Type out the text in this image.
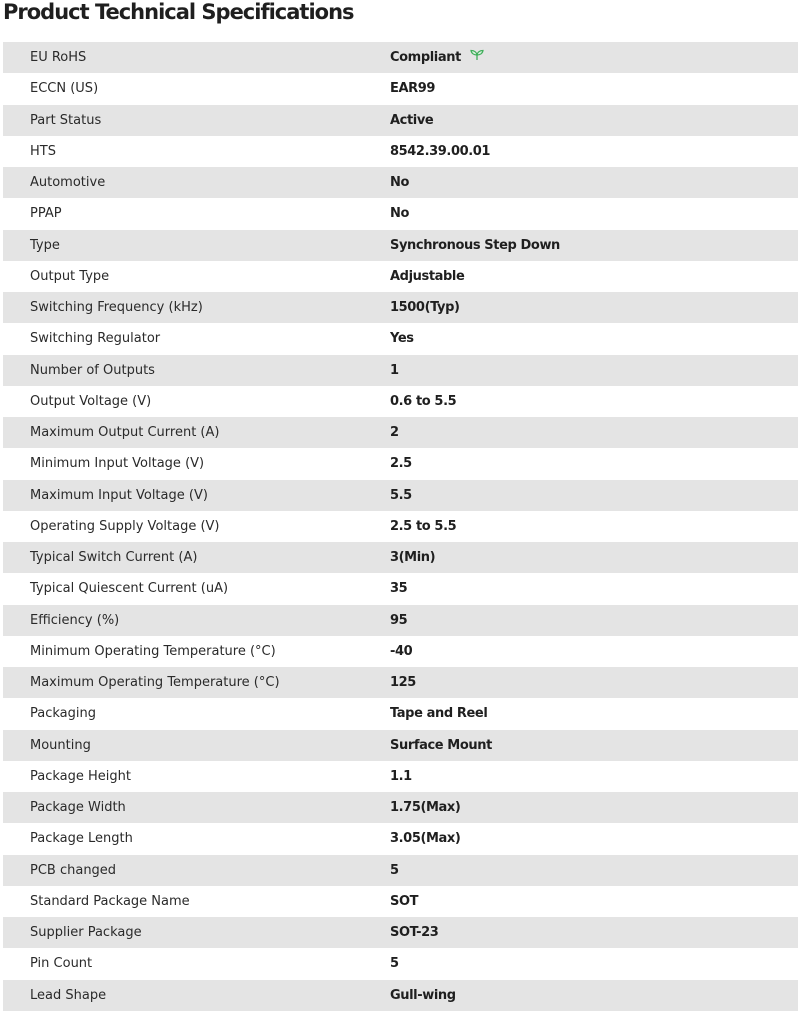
Product Technical Specifications
EU RoHS	Compliant
ECCN (US)	EAR99
Part Status	Active
HTS	8542.39.00.01
Automotive	No
PPAP	No
Type	Synchronous Step Down
Output Type	Adjustable
Switching Frequency (kHz)	1500(Typ)
Switching Regulator	Yes
Number of Outputs	1
Output Voltage (V)	0.6 to 5.5
Maximum Output Current (A)	2
Minimum Input Voltage (V)	2.5
Maximum Input Voltage (V)	5.5
Operating Supply Voltage (V)	2.5 to 5.5
Typical Switch Current (A)	3(Min)
Typical Quiescent Current (uA)	35
Efficiency (%)	95
Minimum Operating Temperature (°C)	-40
Maximum Operating Temperature (°C)	125
Packaging	Tape and Reel
Mounting	Surface Mount
Package Height	1.1
Package Width	1.75(Max)
Package Length	3.05(Max)
PCB changed	5
Standard Package Name	SOT
Supplier Package	SOT-23
Pin Count	5
Lead Shape	Gull-wing
